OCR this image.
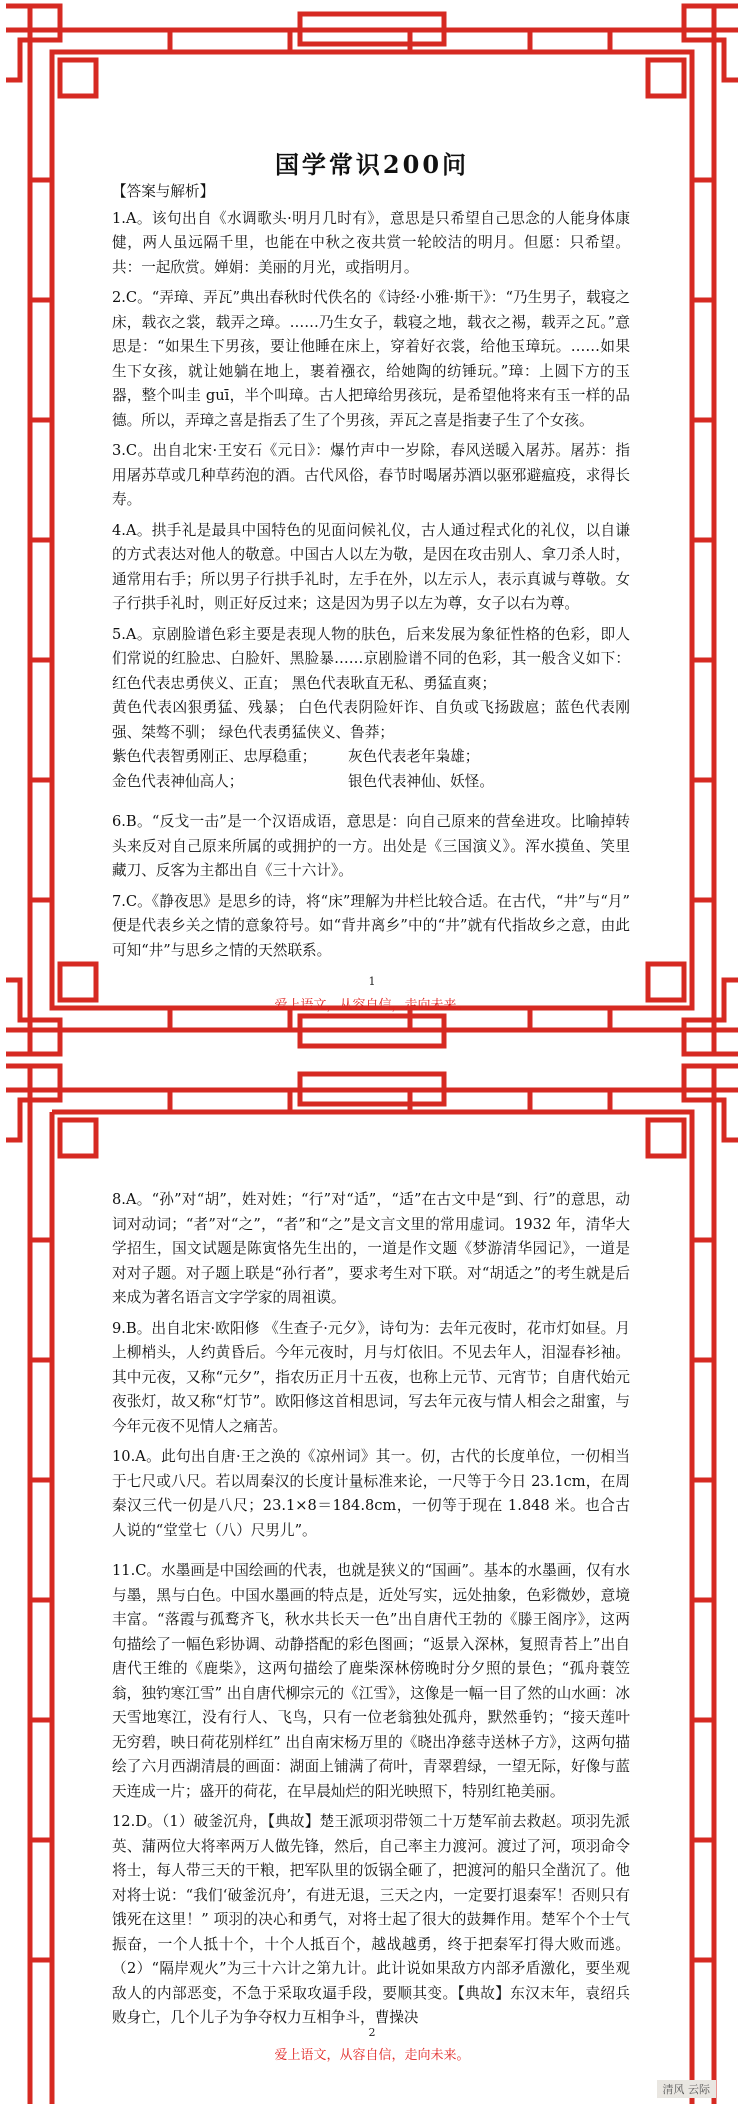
国学常识200问
【答案与解析】

1.A。该句出自《水调歌头·明月几时有》，意思是只希望自己思念的人能身体康健，两人虽远隔千里，也能在中秋之夜共赏一轮皎洁的明月。但愿：只希望。 共：一起欣赏。婵娟：美丽的月光，或指明月。

2.C。“弄璋、弄瓦”典出春秋时代佚名的《诗经·小雅·斯干》：“乃生男子，载寝之床，载衣之裳，载弄之璋。……乃生女子，载寝之地，载衣之裼，载弄之瓦。”意思是：“如果生下男孩，要让他睡在床上，穿着好衣裳，给他玉璋玩。……如果生下女孩，就让她躺在地上，裹着襁衣，给她陶的纺锤玩。”璋：上圆下方的玉器，整个叫圭 guī，半个叫璋。古人把璋给男孩玩，是希望他将来有玉一样的品德。所以，弄璋之喜是指丢了生了个男孩，弄瓦之喜是指妻子生了个女孩。

3.C。出自北宋·王安石《元日》：爆竹声中一岁除，春风送暖入屠苏。屠苏：指用屠苏草或几种草药泡的酒。古代风俗，春节时喝屠苏酒以驱邪避瘟疫，求得长寿。

4.A。拱手礼是最具中国特色的见面问候礼仪，古人通过程式化的礼仪，以自谦的方式表达对他人的敬意。中国古人以左为敬，是因在攻击别人、拿刀杀人时，通常用右手；所以男子行拱手礼时，左手在外，以左示人，表示真诚与尊敬。女子行拱手礼时，则正好反过来；这是因为男子以左为尊，女子以右为尊。

5.A。京剧脸谱色彩主要是表现人物的肤色，后来发展为象征性格的色彩，即人们常说的红脸忠、白脸奸、黑脸暴……京剧脸谱不同的色彩，其一般含义如下：红色代表忠勇侠义、正直； 黑色代表耿直无私、勇猛直爽；

黄色代表凶狠勇猛、残暴； 白色代表阴险奸诈、自负或飞扬跋扈；蓝色代表刚强、桀骜不驯； 绿色代表勇猛侠义、鲁莽；

紫色代表智勇刚正、忠厚稳重；	灰色代表老年枭雄；
金色代表神仙高人；	银色代表神仙、妖怪。

6.B。“反戈一击”是一个汉语成语，意思是：向自己原来的营垒进攻。比喻掉转头来反对自己原来所属的或拥护的一方。出处是《三国演义》。浑水摸鱼、笑里藏刀、反客为主都出自《三十六计》。

7.C。《静夜思》是思乡的诗，将“床”理解为井栏比较合适。在古代，“井”与“月” 便是代表乡关之情的意象符号。如“背井离乡”中的“井”就有代指故乡之意，由此可知“井”与思乡之情的天然联系。

1
爱上语文，从容自信，走向未来。

8.A。“孙”对“胡”，姓对姓；“行”对“适”，“适”在古文中是“到、行”的意思，动词对动词；“者”对“之”，“者”和“之”是文言文里的常用虚词。1932 年，清华大学招生，国文试题是陈寅恪先生出的，一道是作文题《梦游清华园记》，一道是对对子题。对子题上联是“孙行者”，要求考生对下联。对“胡适之”的考生就是后来成为著名语言文字学家的周祖谟。

9.B。出自北宋·欧阳修 《生查子·元夕》，诗句为：去年元夜时，花市灯如昼。月上柳梢头，人约黄昏后。今年元夜时，月与灯依旧。不见去年人，泪湿春衫袖。 其中元夜，又称“元夕”，指农历正月十五夜，也称上元节、元宵节；自唐代始元夜张灯，故又称“灯节”。欧阳修这首相思词，写去年元夜与情人相会之甜蜜，与今年元夜不见情人之痛苦。

10.A。此句出自唐·王之涣的《凉州词》其一。仞，古代的长度单位，一仞相当于七尺或八尺。若以周秦汉的长度计量标准来论，一尺等于今日 23.1cm，在周秦汉三代一仞是八尺；23.1×8＝184.8cm，一仞等于现在 1.848 米。也合古人说的“堂堂七（八）尺男儿”。

11.C。水墨画是中国绘画的代表，也就是狭义的“国画”。基本的水墨画，仅有水与墨，黑与白色。中国水墨画的特点是，近处写实，远处抽象，色彩微妙，意境丰富。“落霞与孤鹜齐飞，秋水共长天一色”出自唐代王勃的《滕王阁序》，这两句描绘了一幅色彩协调、动静搭配的彩色图画；“返景入深林，复照青苔上”出自唐代王维的《鹿柴》，这两句描绘了鹿柴深林傍晚时分夕照的景色；“孤舟蓑笠翁，独钓寒江雪” 出自唐代柳宗元的《江雪》，这像是一幅一目了然的山水画：冰天雪地寒江，没有行人、飞鸟，只有一位老翁独处孤舟，默然垂钓；“接天莲叶无穷碧，映日荷花别样红” 出自南宋杨万里的《晓出净慈寺送林子方》，这两句描绘了六月西湖清晨的画面：湖面上铺满了荷叶，青翠碧绿，一望无际，好像与蓝天连成一片；盛开的荷花，在早晨灿烂的阳光映照下，特别红艳美丽。

12.D。（1）破釜沉舟，【典故】楚王派项羽带领二十万楚军前去救赵。项羽先派英、蒲两位大将率两万人做先锋，然后，自己率主力渡河。渡过了河，项羽命令将士，每人带三天的干粮，把军队里的饭锅全砸了，把渡河的船只全凿沉了。他对将士说：“我们‘破釜沉舟’，有进无退，三天之内，一定要打退秦军！否则只有饿死在这里！” 项羽的决心和勇气，对将士起了很大的鼓舞作用。楚军个个士气振奋，一个人抵十个，十个人抵百个，越战越勇，终于把秦军打得大败而逃。（2）“隔岸观火”为三十六计之第九计。此计说如果敌方内部矛盾激化，要坐观敌人的内部恶变，不急于采取攻逼手段，要顺其变。【典故】东汉末年，袁绍兵败身亡，几个儿子为争夺权力互相争斗，曹操决

2
爱上语文，从容自信，走向未来。
清风 云际
